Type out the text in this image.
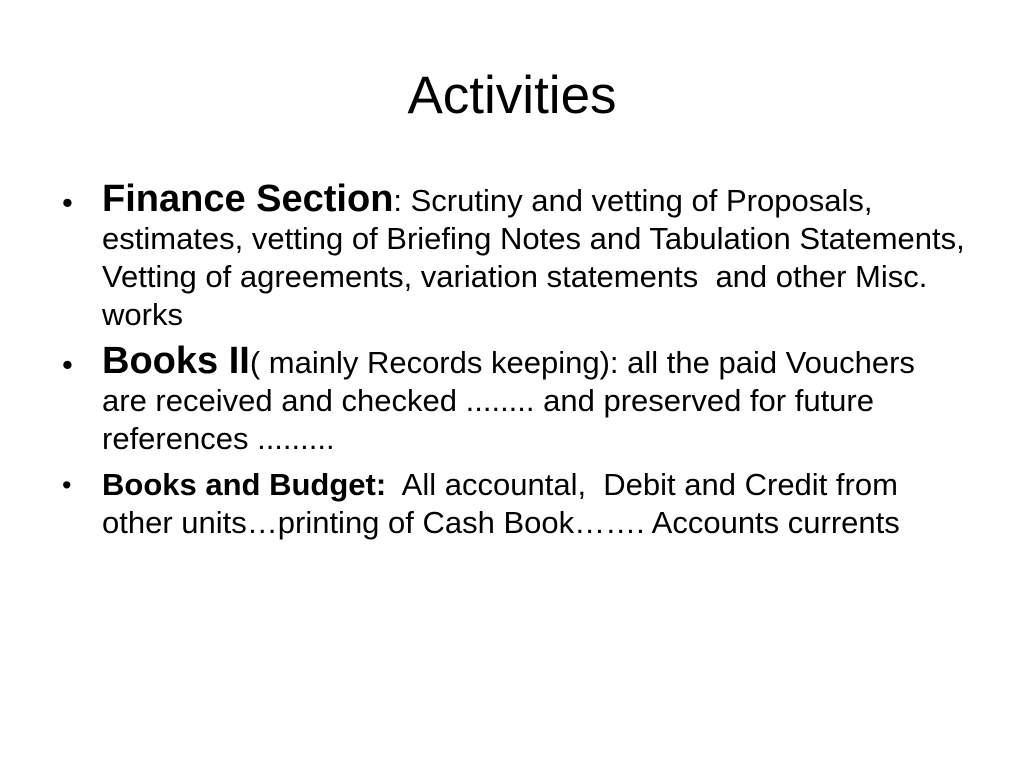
Activities
• Finance Section: Scrutiny and vetting of Proposals, estimates, vetting of Briefing Notes and Tabulation Statements, Vetting of agreements, variation statements  and other Misc. works
• Books II( mainly Records keeping): all the paid Vouchers are received and checked ........ and preserved for future references .........
• Books and Budget:  All accountal,  Debit and Credit from other units…printing of Cash Book……. Accounts currents
